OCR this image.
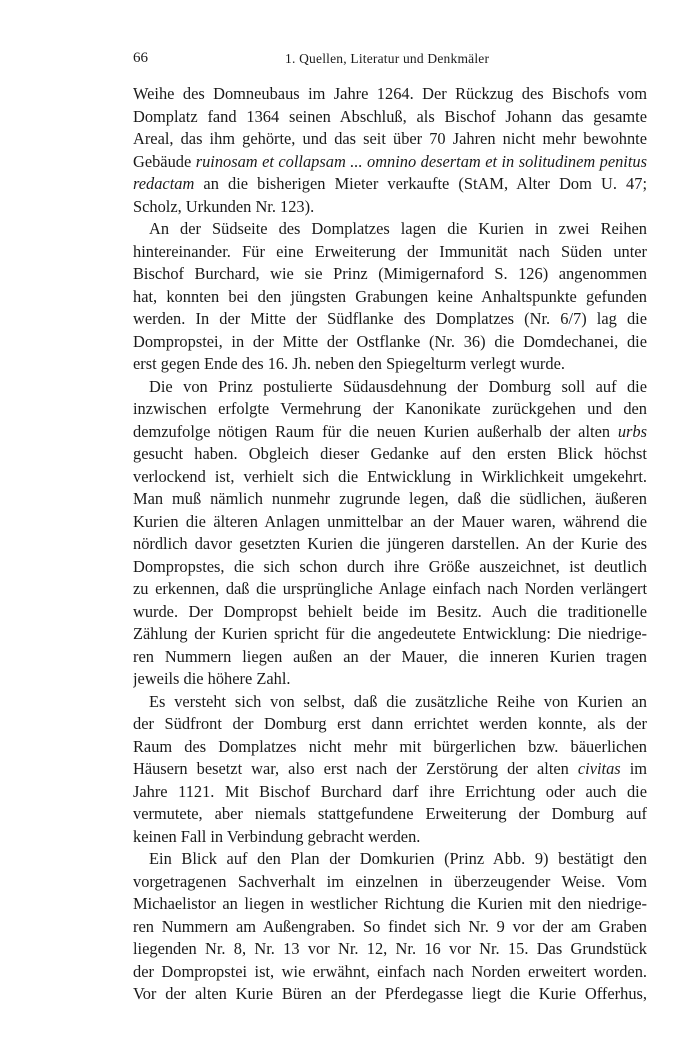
66	1. Quellen, Literatur und Denkmäler
Weihe des Domneubaus im Jahre 1264. Der Rückzug des Bischofs vom
Domplatz fand 1364 seinen Abschluß, als Bischof Johann das gesamte
Areal, das ihm gehörte, und das seit über 70 Jahren nicht mehr bewohnte
Gebäude ruinosam et collapsam ... omnino desertam et in solitudinem penitus
redactam an die bisherigen Mieter verkaufte (StAM, Alter Dom U. 47;
Scholz, Urkunden Nr. 123).
An der Südseite des Domplatzes lagen die Kurien in zwei Reihen
hintereinander. Für eine Erweiterung der Immunität nach Süden unter
Bischof Burchard, wie sie Prinz (Mimigernaford S. 126) angenommen
hat, konnten bei den jüngsten Grabungen keine Anhaltspunkte gefunden
werden. In der Mitte der Südflanke des Domplatzes (Nr. 6/7) lag die
Dompropstei, in der Mitte der Ostflanke (Nr. 36) die Domdechanei, die
erst gegen Ende des 16. Jh. neben den Spiegelturm verlegt wurde.
Die von Prinz postulierte Südausdehnung der Domburg soll auf die
inzwischen erfolgte Vermehrung der Kanonikate zurückgehen und den
demzufolge nötigen Raum für die neuen Kurien außerhalb der alten urbs
gesucht haben. Obgleich dieser Gedanke auf den ersten Blick höchst
verlockend ist, verhielt sich die Entwicklung in Wirklichkeit umgekehrt.
Man muß nämlich nunmehr zugrunde legen, daß die südlichen, äußeren
Kurien die älteren Anlagen unmittelbar an der Mauer waren, während die
nördlich davor gesetzten Kurien die jüngeren darstellen. An der Kurie des
Dompropstes, die sich schon durch ihre Größe auszeichnet, ist deutlich
zu erkennen, daß die ursprüngliche Anlage einfach nach Norden verlängert
wurde. Der Dompropst behielt beide im Besitz. Auch die traditionelle
Zählung der Kurien spricht für die angedeutete Entwicklung: Die niedrige-
ren Nummern liegen außen an der Mauer, die inneren Kurien tragen
jeweils die höhere Zahl.
Es versteht sich von selbst, daß die zusätzliche Reihe von Kurien an
der Südfront der Domburg erst dann errichtet werden konnte, als der
Raum des Domplatzes nicht mehr mit bürgerlichen bzw. bäuerlichen
Häusern besetzt war, also erst nach der Zerstörung der alten civitas im
Jahre 1121. Mit Bischof Burchard darf ihre Errichtung oder auch die
vermutete, aber niemals stattgefundene Erweiterung der Domburg auf
keinen Fall in Verbindung gebracht werden.
Ein Blick auf den Plan der Domkurien (Prinz Abb. 9) bestätigt den
vorgetragenen Sachverhalt im einzelnen in überzeugender Weise. Vom
Michaelistor an liegen in westlicher Richtung die Kurien mit den niedrige-
ren Nummern am Außengraben. So findet sich Nr. 9 vor der am Graben
liegenden Nr. 8, Nr. 13 vor Nr. 12, Nr. 16 vor Nr. 15. Das Grundstück
der Dompropstei ist, wie erwähnt, einfach nach Norden erweitert worden.
Vor der alten Kurie Büren an der Pferdegasse liegt die Kurie Offerhus,
